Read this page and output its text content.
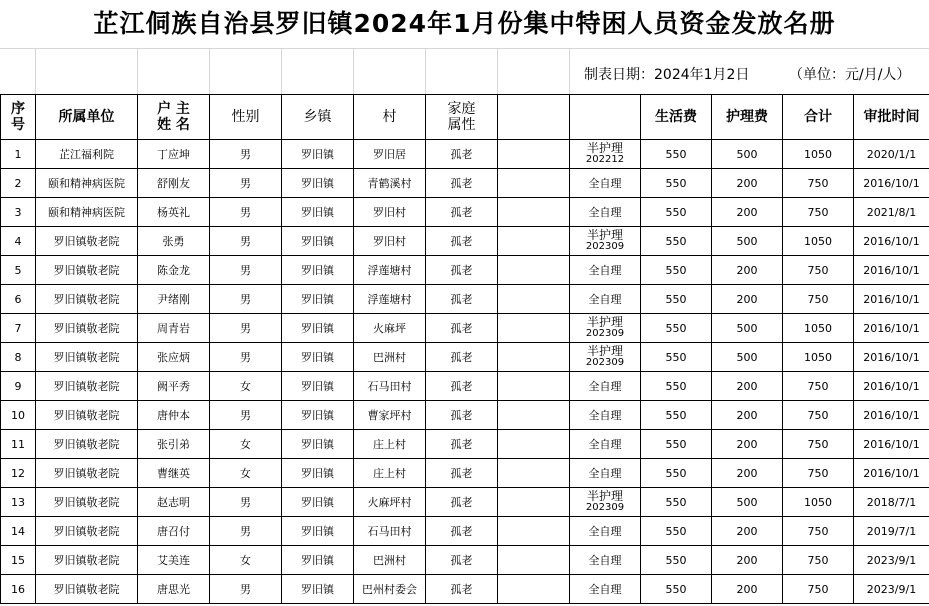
芷江侗族自治县罗旧镇2024年1月份集中特困人员资金发放名册
制表日期：2024年1月2日	（单位：元/月/人）
序号	所属单位	户 主 姓 名	性别	乡镇	村	家庭属性			生活费	护理费	合计	审批时间
1	芷江福利院	丁应坤	男	罗旧镇	罗旧居	孤老		半护理
202212	550	500	1050	2020/1/1
2	颐和精神病医院	舒刚友	男	罗旧镇	青鹤溪村	孤老		全自理	550	200	750	2016/10/1
3	颐和精神病医院	杨英礼	男	罗旧镇	罗旧村	孤老		全自理	550	200	750	2021/8/1
4	罗旧镇敬老院	张勇	男	罗旧镇	罗旧村	孤老		半护理
202309	550	500	1050	2016/10/1
5	罗旧镇敬老院	陈金龙	男	罗旧镇	浮莲塘村	孤老		全自理	550	200	750	2016/10/1
6	罗旧镇敬老院	尹绪刚	男	罗旧镇	浮莲塘村	孤老		全自理	550	200	750	2016/10/1
7	罗旧镇敬老院	周青岩	男	罗旧镇	火麻坪	孤老		半护理
202309	550	500	1050	2016/10/1
8	罗旧镇敬老院	张应炳	男	罗旧镇	巴洲村	孤老		半护理
202309	550	500	1050	2016/10/1
9	罗旧镇敬老院	阙平秀	女	罗旧镇	石马田村	孤老		全自理	550	200	750	2016/10/1
10	罗旧镇敬老院	唐仲本	男	罗旧镇	曹家坪村	孤老		全自理	550	200	750	2016/10/1
11	罗旧镇敬老院	张引弟	女	罗旧镇	庄上村	孤老		全自理	550	200	750	2016/10/1
12	罗旧镇敬老院	曹继英	女	罗旧镇	庄上村	孤老		全自理	550	200	750	2016/10/1
13	罗旧镇敬老院	赵志明	男	罗旧镇	火麻坪村	孤老		半护理
202309	550	500	1050	2018/7/1
14	罗旧镇敬老院	唐召付	男	罗旧镇	石马田村	孤老		全自理	550	200	750	2019/7/1
15	罗旧镇敬老院	艾美连	女	罗旧镇	巴洲村	孤老		全自理	550	200	750	2023/9/1
16	罗旧镇敬老院	唐思光	男	罗旧镇	巴州村委会	孤老		全自理	550	200	750	2023/9/1
